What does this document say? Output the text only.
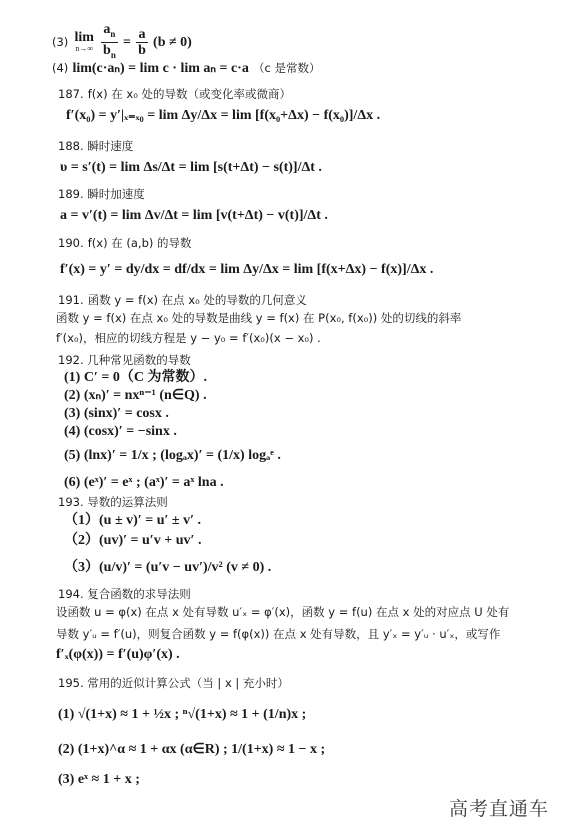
(3) lim
n→∞
$\frac{a_n}{b_n} = \frac{a}{b} (b \ne 0)$
(4) lim(c·aₙ) = lim c · lim aₙ = c·a （c 是常数）
187. f(x) 在 x₀ 处的导数（或变化率或微商）
f′(x₀) = y′|ₓ₌ₓ₀ = lim Δy/Δx = lim [f(x₀+Δx) − f(x₀)]/Δx .
188. 瞬时速度
υ = s′(t) = lim Δs/Δt = lim [s(t+Δt) − s(t)]/Δt .
189. 瞬时加速度
a = v′(t) = lim Δv/Δt = lim [v(t+Δt) − v(t)]/Δt .
190. f(x) 在 (a,b) 的导数
f′(x) = y′ = dy/dx = df/dx = lim Δy/Δx = lim [f(x+Δx) − f(x)]/Δx .
191. 函数 y = f(x) 在点 x₀ 处的导数的几何意义
函数 y = f(x) 在点 x₀ 处的导数是曲线 y = f(x) 在 P(x₀, f(x₀)) 处的切线的斜率
f′(x₀)，相应的切线方程是 y − y₀ = f′(x₀)(x − x₀) .
192. 几种常见函数的导数
(1) C′ = 0（C 为常数）.
(2) (xₙ)′ = nxⁿ⁻¹ (n∈Q) .
(3) (sinx)′ = cosx .
(4) (cosx)′ = −sinx .
(5) (lnx)′ = 1/x ; (logₐx)′ = (1/x) logₐᵉ .
(6) (eˣ)′ = eˣ ; (aˣ)′ = aˣ lna .
193. 导数的运算法则
（1）(u ± v)′ = u′ ± v′ .
（2）(uv)′ = u′v + uv′ .
（3）(u/v)′ = (u′v − uv′)/v² (v ≠ 0) .
194. 复合函数的求导法则
设函数 u = φ(x) 在点 x 处有导数 u′ₓ = φ′(x)，函数 y = f(u) 在点 x 处的对应点 U 处有
导数 y′ᵤ = f′(u)，则复合函数 y = f(φ(x)) 在点 x 处有导数，且 y′ₓ = y′ᵤ · u′ₓ，或写作
f′ₓ(φ(x)) = f′(u)φ′(x) .
195. 常用的近似计算公式（当 | x | 充小时）
(1) √(1+x) ≈ 1 + ½x ; ⁿ√(1+x) ≈ 1 + (1/n)x ;
(2) (1+x)^α ≈ 1 + αx (α∈R) ; 1/(1+x) ≈ 1 − x ;
(3) eˣ ≈ 1 + x ;
高考直通车
